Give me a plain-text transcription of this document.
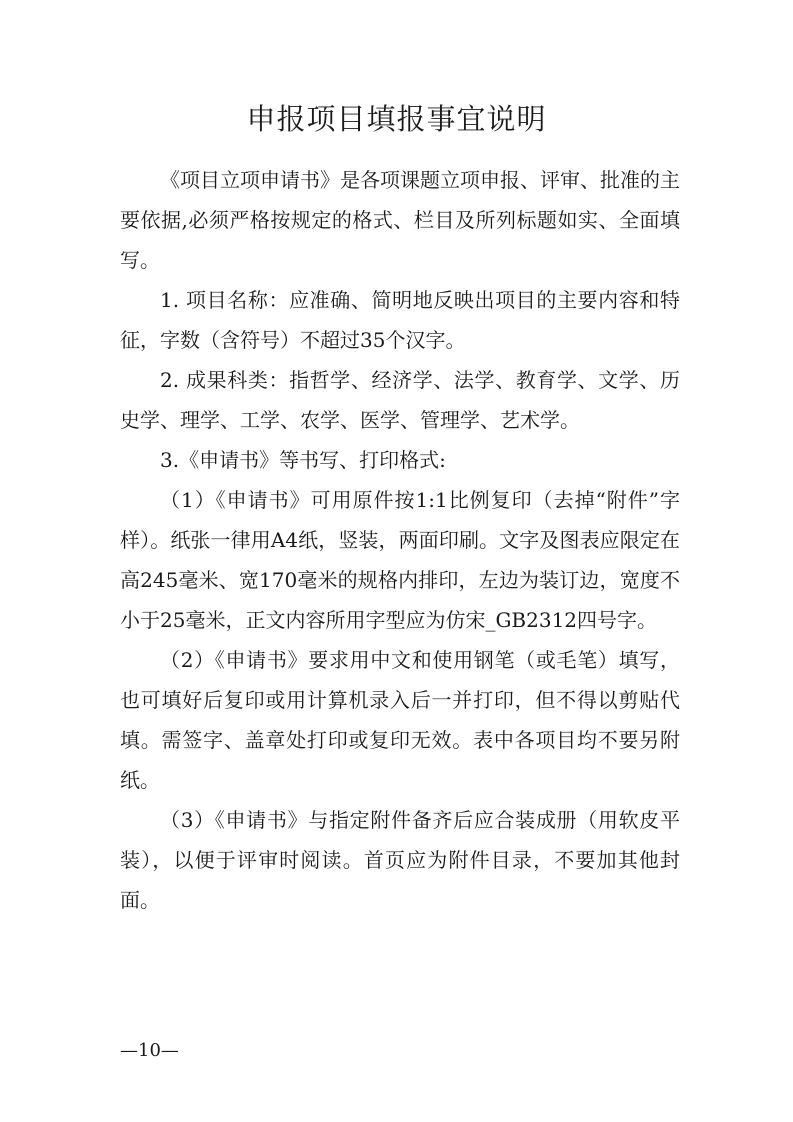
申报项目填报事宜说明

《项目立项申请书》是各项课题立项申报、评审、批准的主要依据,必须严格按规定的格式、栏目及所列标题如实、全面填写。

1. 项目名称：应准确、简明地反映出项目的主要内容和特征，字数（含符号）不超过35个汉字。

2. 成果科类：指哲学、经济学、法学、教育学、文学、历史学、理学、工学、农学、医学、管理学、艺术学。

3.《申请书》等书写、打印格式:

（1）《申请书》可用原件按1:1比例复印（去掉“附件”字样）。纸张一律用A4纸，竖装，两面印刷。文字及图表应限定在高245毫米、宽170毫米的规格内排印，左边为装订边，宽度不小于25毫米，正文内容所用字型应为仿宋_GB2312四号字。

（2）《申请书》要求用中文和使用钢笔（或毛笔）填写，也可填好后复印或用计算机录入后一并打印，但不得以剪贴代填。需签字、盖章处打印或复印无效。表中各项目均不要另附纸。

（3）《申请书》与指定附件备齐后应合装成册（用软皮平装），以便于评审时阅读。首页应为附件目录，不要加其他封面。

—10—
